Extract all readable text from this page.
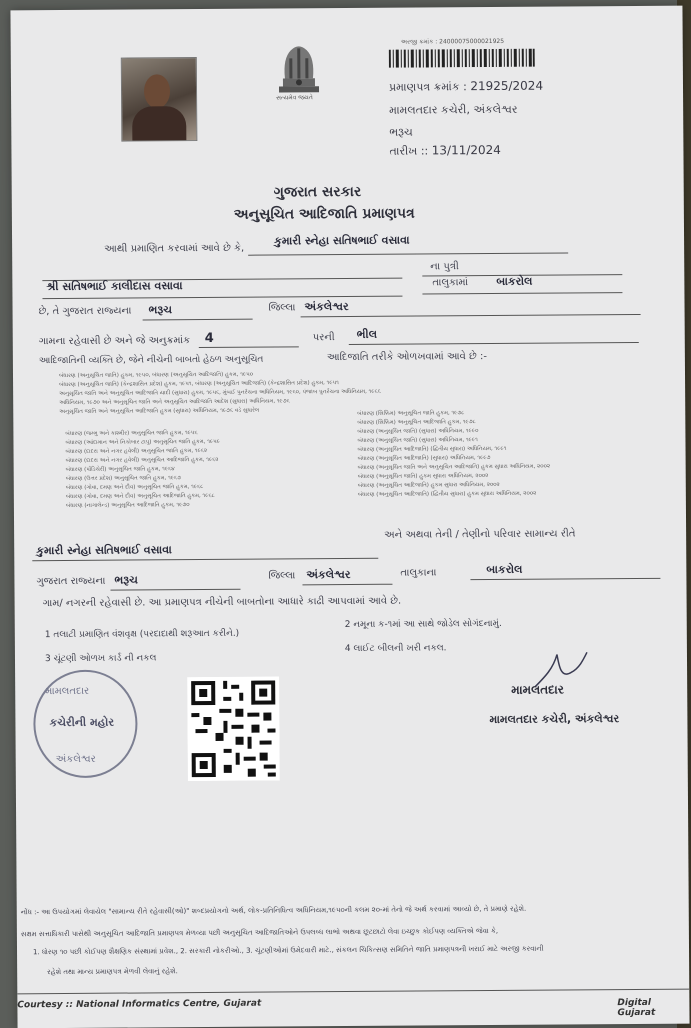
સત્યમેવ જયતે
અરજી ક્રમાંક : 24000075000021925
પ્રમાણપત્ર ક્રમાંક : 21925/2024
મામલતદાર કચેરી, અંકલેશ્વર
ભરૂચ
તારીખ :: 13/11/2024
ગુજરાત સરકાર
અનુસૂચિત આદિજાતિ પ્રમાણપત્ર
આથી પ્રમાણિત કરવામાં આવે છે કે,
કુમારી સ્નેહા સતિષભાઈ વસાવા
ના પુત્રી
શ્રી સતિષભાઈ કાલીદાસ વસાવા	તાલુકામાં	બાકરોલ
છે, તે ગુજરાત રાજ્યના ભરૂચ	જિલ્લા અંકલેશ્વર
ગામના રહેવાસી છે અને જે અનુક્રમાંક 4	પરની ભીલ
આદિજાતિની વ્યક્તિ છે, જેને નીચેની બાબતો હેઠળ અનુસૂચિત	આદિજાતિ તરીકે ઓળખવામાં આવે છે :-
બંધારણ (અનુસૂચિત જાતિ) હુકમ, ૧૯૫૦, બંધારણ (અનુસૂચિત આદિજાતિ) હુકમ, ૧૯૫૦
બંધારણ (અનુસૂચિત જાતિ) (કેન્દ્રશાસિત પ્રદેશ) હુકમ, ૧૯૫૧, બંધારણ (અનુસૂચિત આદિજાતિ) (કેન્દ્રશાસિત પ્રદેશ) હુકમ, ૧૯૫૧
અનુસૂચિત જાતિ અને અનુસૂચિત આદિજાતિ યાદી (સુધારા) હુકમ, ૧૯૫૬, મુંબઈ પુનર્રચના અધિનિયમ, ૧૯૬૦, પંજાબ પુનર્રચના અધિનિયમ, ૧૯૬૬
અધિનિયમ, ૧૯૭૦ અને અનુસૂચિત જાતિ અને અનુસૂચિત આદિજાતિ આદેશ (સુધારા) અધિનિયમ, ૧૯૭૬
અનુસૂચિત જાતિ અને અનુસૂચિત આદિજાતિ હુકમ (સુધારા) અધિનિયમ, ૧૯૭૬ વડે સુધારેલ
બંધારણ (જમ્મુ અને કાશ્મીર) અનુસૂચિત જાતિ હુકમ, ૧૯૫૬
બંધારણ (આંદામાન અને નિકોબાર ટાપુ) અનુસૂચિત જાતિ હુકમ, ૧૯૫૯
બંધારણ (દાદરા અને નગર હવેલી) અનુસૂચિત જાતિ હુકમ, ૧૯૬૨
બંધારણ (દાદરા અને નગર હવેલી) અનુસૂચિત આદિજાતિ હુકમ, ૧૯૬૨
બંધારણ (પોંડિચેરી) અનુસૂચિત જાતિ હુકમ, ૧૯૬૪
બંધારણ (ઉત્તર પ્રદેશ) અનુસૂચિત જાતિ હુકમ, ૧૯૬૭
બંધારણ (ગોવા, દમણ અને દીવ) અનુસૂચિત જાતિ હુકમ, ૧૯૬૮
બંધારણ (ગોવા, દમણ અને દીવ) અનુસૂચિત આદિજાતિ હુકમ, ૧૯૬૮
બંધારણ (નાગાલેન્ડ) અનુસૂચિત આદિજાતિ હુકમ, ૧૯૭૦
બંધારણ (સિક્કિમ) અનુસૂચિત જાતિ હુકમ, ૧૯૭૮
બંધારણ (સિક્કિમ) અનુસૂચિત આદિજાતિ હુકમ, ૧૯૭૮
બંધારણ (અનુસૂચિત જાતિ) (સુધારા) અધિનિયમ, ૧૯૯૦
બંધારણ (અનુસૂચિત જાતિ) (સુધારા) અધિનિયમ, ૧૯૯૧
બંધારણ (અનુસૂચિત આદિજાતિ) (દ્વિતીય સુધારા) અધિનિયમ, ૧૯૯૧
બંધારણ (અનુસૂચિત આદિજાતિ) (સુધારા) અધિનિયમ, ૧૯૯૭
બંધારણ (અનુસૂચિત જાતિ અને અનુસૂચિત આદિજાતિ) હુકમ સુધારા અધિનિયમ, ૨૦૦૨
બંધારણ (અનુસૂચિત જાતિ) હુકમ સુધારા અધિનિયમ, ૨૦૦૨
બંધારણ (અનુસૂચિત આદિજાતિ) હુકમ સુધારા અધિનિયમ, ૨૦૦૨
બંધારણ (અનુસૂચિત આદિજાતિ) (દ્વિતીય સુધારા) હુકમ સુધારા અધિનિયમ, ૨૦૦૨
અને અથવા તેની / તેણીનો પરિવાર સામાન્ય રીતે
કુમારી સ્નેહા સતિષભાઈ વસાવા
ગુજરાત રાજ્યના ભરૂચ	જિલ્લા અંકલેશ્વર	તાલુકાના	બાકરોલ
ગામ/ નગરની રહેવાસી છે. આ પ્રમાણપત્ર નીચેની બાબતોના આધારે કાઢી આપવામાં આવે છે.
1 તલાટી પ્રમાણિત વંશવૃક્ષ (પરદાદાથી શરૂઆત કરીને.)
2 નમૂના ક-૧માં આ સાથે જોડેલ સોગંદનામું.
3 ચૂંટણી ઓળખ કાર્ડ ની નકલ
4 લાઈટ બીલની ખરી નકલ.
મામલતદાર
કચેરીની મહોર
અંકલેશ્વર
મામલતદાર
મામલતદાર કચેરી, અંકલેશ્વર
નોંધ :- આ ઉપયોગમાં લેવાયેલ "સામાન્ય રીતે રહેવાસી(ઓ)" શબ્દપ્રયોગનો અર્થ, લોક-પ્રતિનિધિત્વ અધિનિયમ,૧૯૫૦ની કલમ ૨૦-માં તેનો જે અર્થ કરવામાં આવ્યો છે, તે પ્રમાણે રહેશે.
સક્ષમ સત્તાધિકારી પાસેથી અનુસૂચિત આદિજાતિ પ્રમાણપત્ર મેળવ્યા પછી અનુસૂચિત આદિજાતિઓને ઉપલબ્ધ લાભો અથવા છૂટછાટો લેવા ઇચ્છુક કોઈપણ વ્યક્તિએ જેવા કે,
1. ધોરણ ૧૦ પછી કોઈપણ શૈક્ષણિક સંસ્થામાં પ્રવેશ., 2. સરકારી નોકરીઓ., 3. ચૂંટણીઓમાં ઉમેદવારી માટે., સંકલન ચિકિત્સણ સમિતિને જાતિ પ્રમાણપત્રની ખરાઈ માટે અરજી કરવાની
રહેશે તથા માન્ય પ્રમાણપત્ર મેળવી લેવાનું રહેશે.
Courtesy :: National Informatics Centre, Gujarat	Digital Gujarat
